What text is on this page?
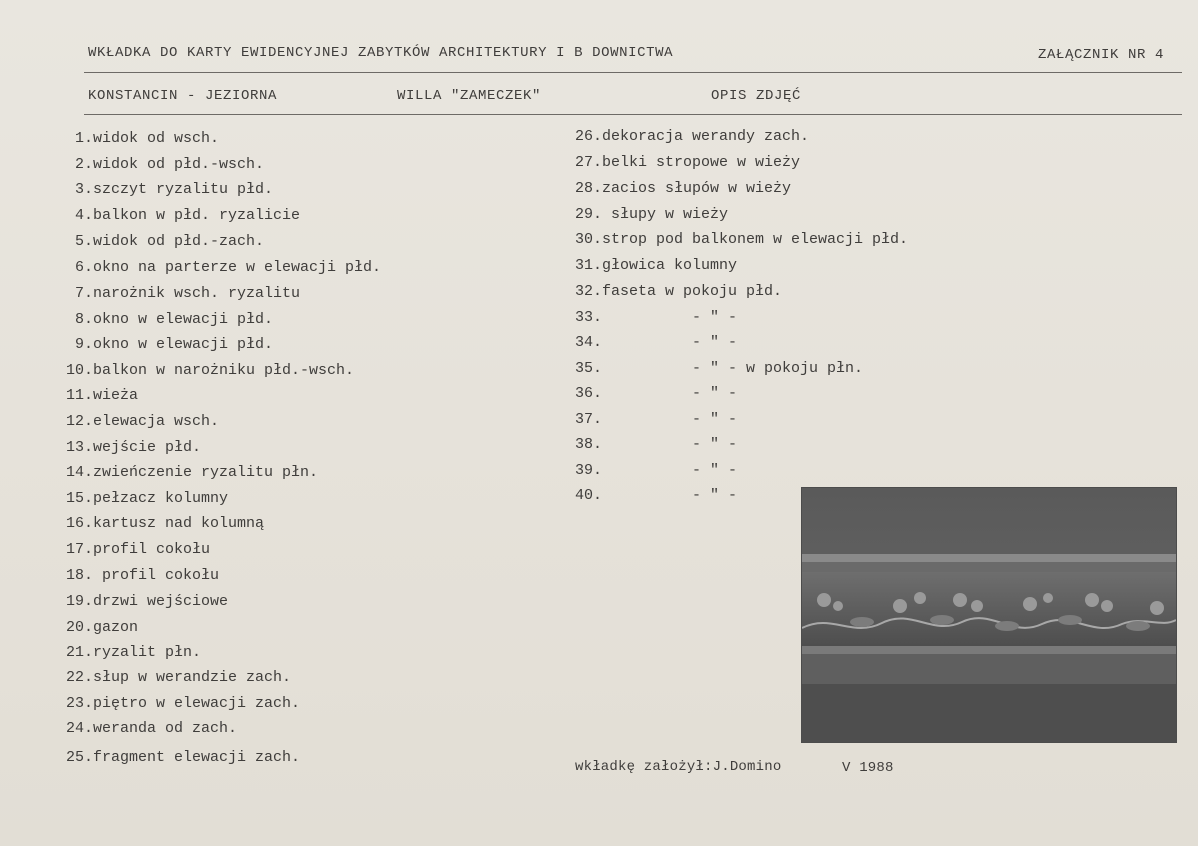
WKŁADKA DO KARTY EWIDENCYJNEJ ZABYTKÓW ARCHITEKTURY I B DOWNICTWA	ZAŁĄCZNIK NR 4
KONSTANCIN - JEZIORNA	WILLA "ZAMECZEK"	OPIS ZDJĘĆ
1.widok od wsch.
2.widok od płd.-wsch.
3.szczyt ryzalitu płd.
4.balkon w płd. ryzalicie
5.widok od płd.-zach.
6.okno na parterze w elewacji płd.
7.narożnik wsch. ryzalitu
8.okno w elewacji płd.
9.okno w elewacji płd.
10.balkon w narożniku płd.-wsch.
11.wieża
12.elewacja wsch.
13.wejście płd.
14.zwieńczenie ryzalitu płn.
15.pełzacz kolumny
16.kartusz nad kolumną
17.profil cokołu
18. profil cokołu
19.drzwi wejściowe
20.gazon
21.ryzalit płn.
22.słup w werandzie zach.
23.piętro w elewacji zach.
24.weranda od zach.
25.fragment elewacji zach.
26.dekoracja werandy zach.
27.belki stropowe w wieży
28.zacios słupów w wieży
29. słupy w wieży
30.strop pod balkonem w elewacji płd.
31.głowica kolumny
32.faseta w pokoju płd.
33.          - " -
34.          - " -
35.          - " - w pokoju płn.
36.          - " -
37.          - " -
38.          - " -
39.          - " -
40.          - " -
wkładkę założył:J.Domino	V 1988
